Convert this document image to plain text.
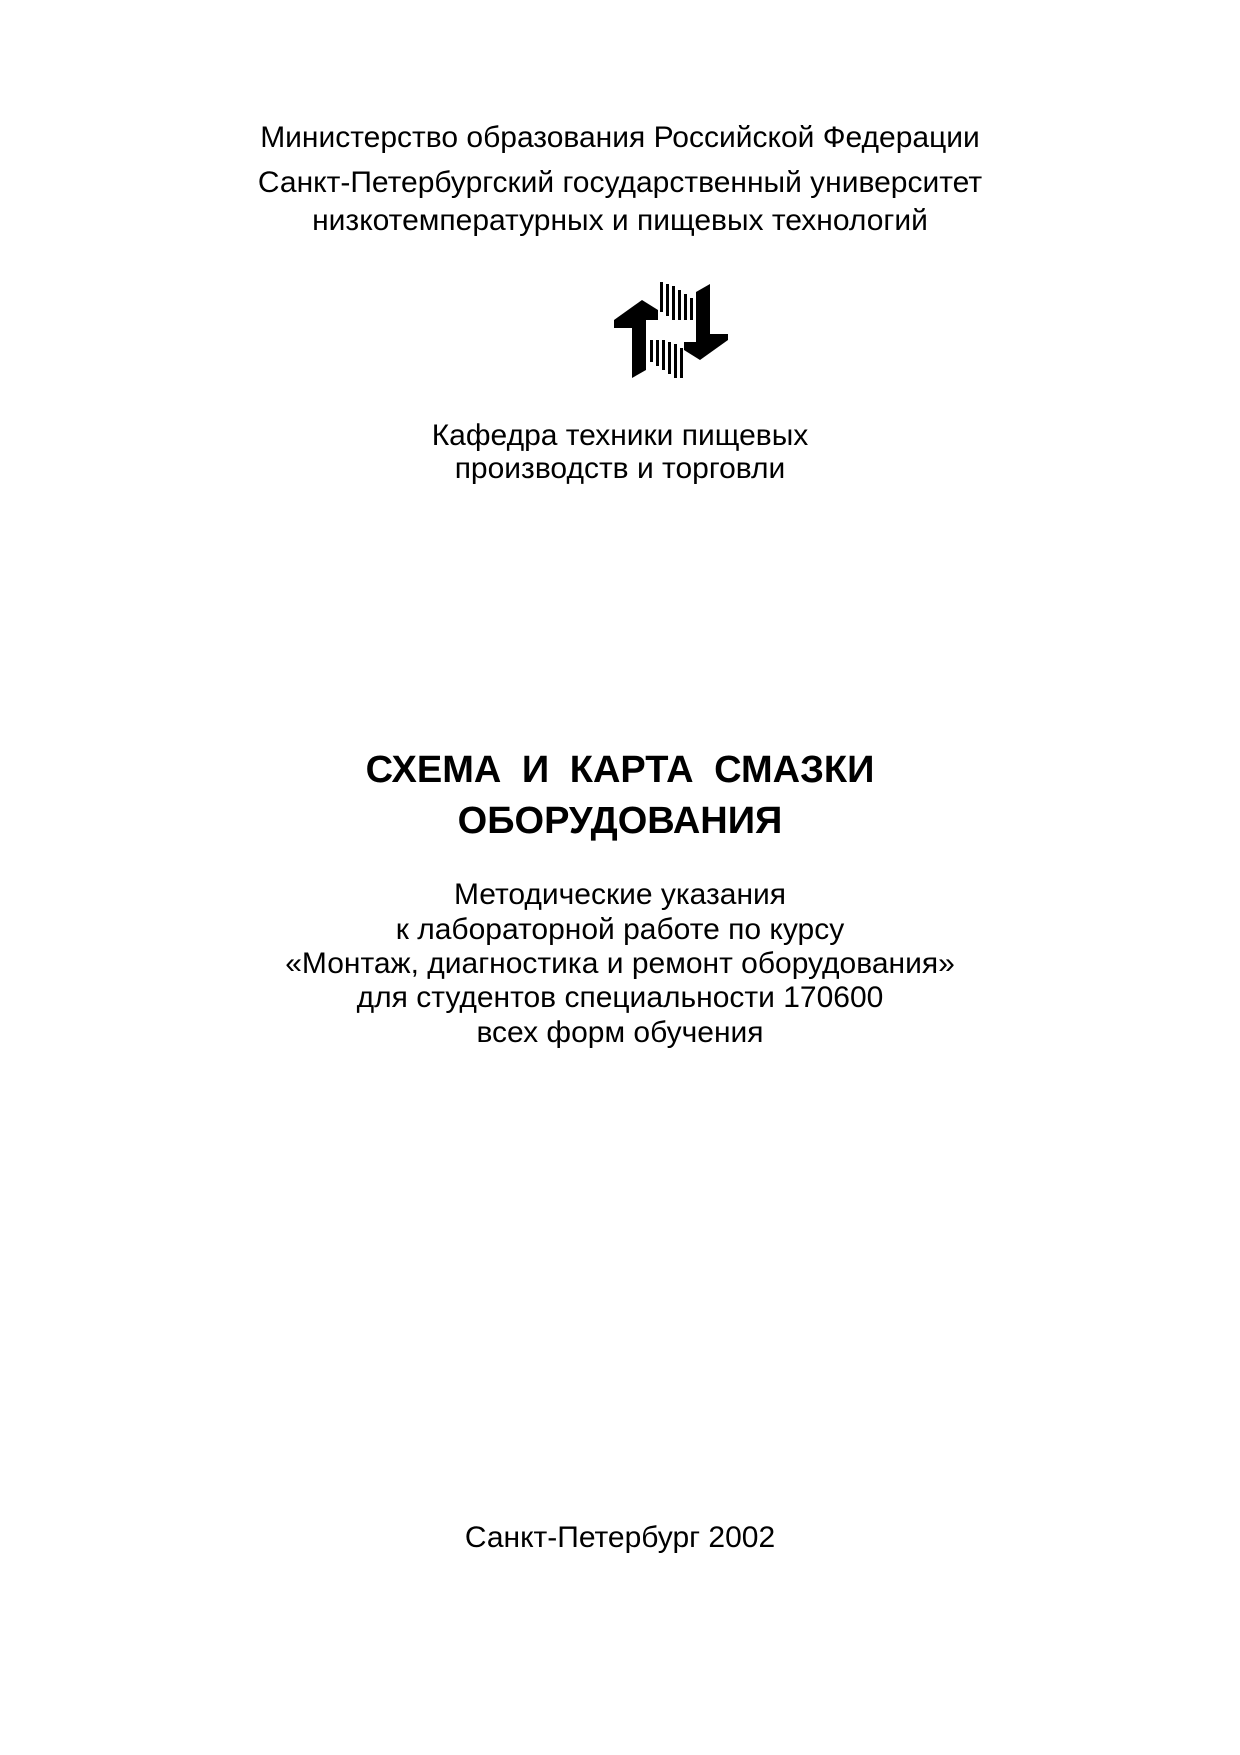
Министерство образования Российской Федерации
Санкт-Петербургский государственный университет
низкотемпературных и пищевых технологий
Кафедра техники пищевых
производств и торговли
СХЕМА И КАРТА СМАЗКИ
ОБОРУДОВАНИЯ
Методические указания
к лабораторной работе по курсу
«Монтаж, диагностика и ремонт оборудования»
для студентов специальности 170600
всех форм обучения
Санкт-Петербург 2002
